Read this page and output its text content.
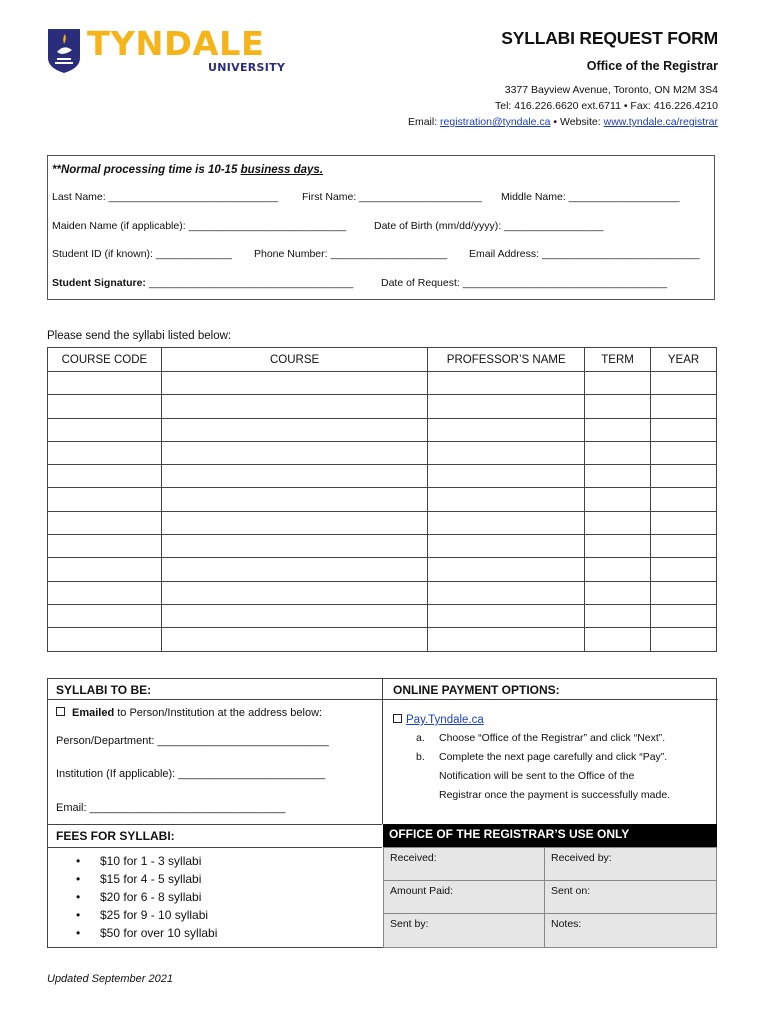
TYNDALE
UNIVERSITY
SYLLABI REQUEST FORM
Office of the Registrar
3377 Bayview Avenue, Toronto, ON M2M 3S4
Tel: 416.226.6620 ext.6711 • Fax: 416.226.4210
Email: registration@tyndale.ca • Website: www.tyndale.ca/registrar
**Normal processing time is 10-15 business days.
Last Name: _____________________________ First Name: _____________________ Middle Name: ___________________
Maiden Name (if applicable): ___________________________	Date of Birth (mm/dd/yyyy): _________________
Student ID (if known): _____________ Phone Number: ____________________ Email Address: ___________________________
Student Signature: ___________________________________	Date of Request: ___________________________________
Please send the syllabi listed below:
COURSE CODE	COURSE	PROFESSOR’S NAME	TERM	YEAR

SYLLABI TO BE:
Emailed to Person/Institution at the address below:
Person/Department: ____________________________
Institution (If applicable): ________________________
Email: ________________________________
ONLINE PAYMENT OPTIONS:
Pay.Tyndale.ca
a.	Choose “Office of the Registrar” and click “Next”.
b.	Complete the next page carefully and click “Pay”.
Notification will be sent to the Office of the
Registrar once the payment is successfully made.
FEES FOR SYLLABI:
• $10 for 1 - 3 syllabi
• $15 for 4 - 5 syllabi
• $20 for 6 - 8 syllabi
• $25 for 9 - 10 syllabi
• $50 for over 10 syllabi
OFFICE OF THE REGISTRAR’S USE ONLY
Received:	Received by:
Amount Paid:	Sent on:
Sent by:	Notes:
Updated September 2021
